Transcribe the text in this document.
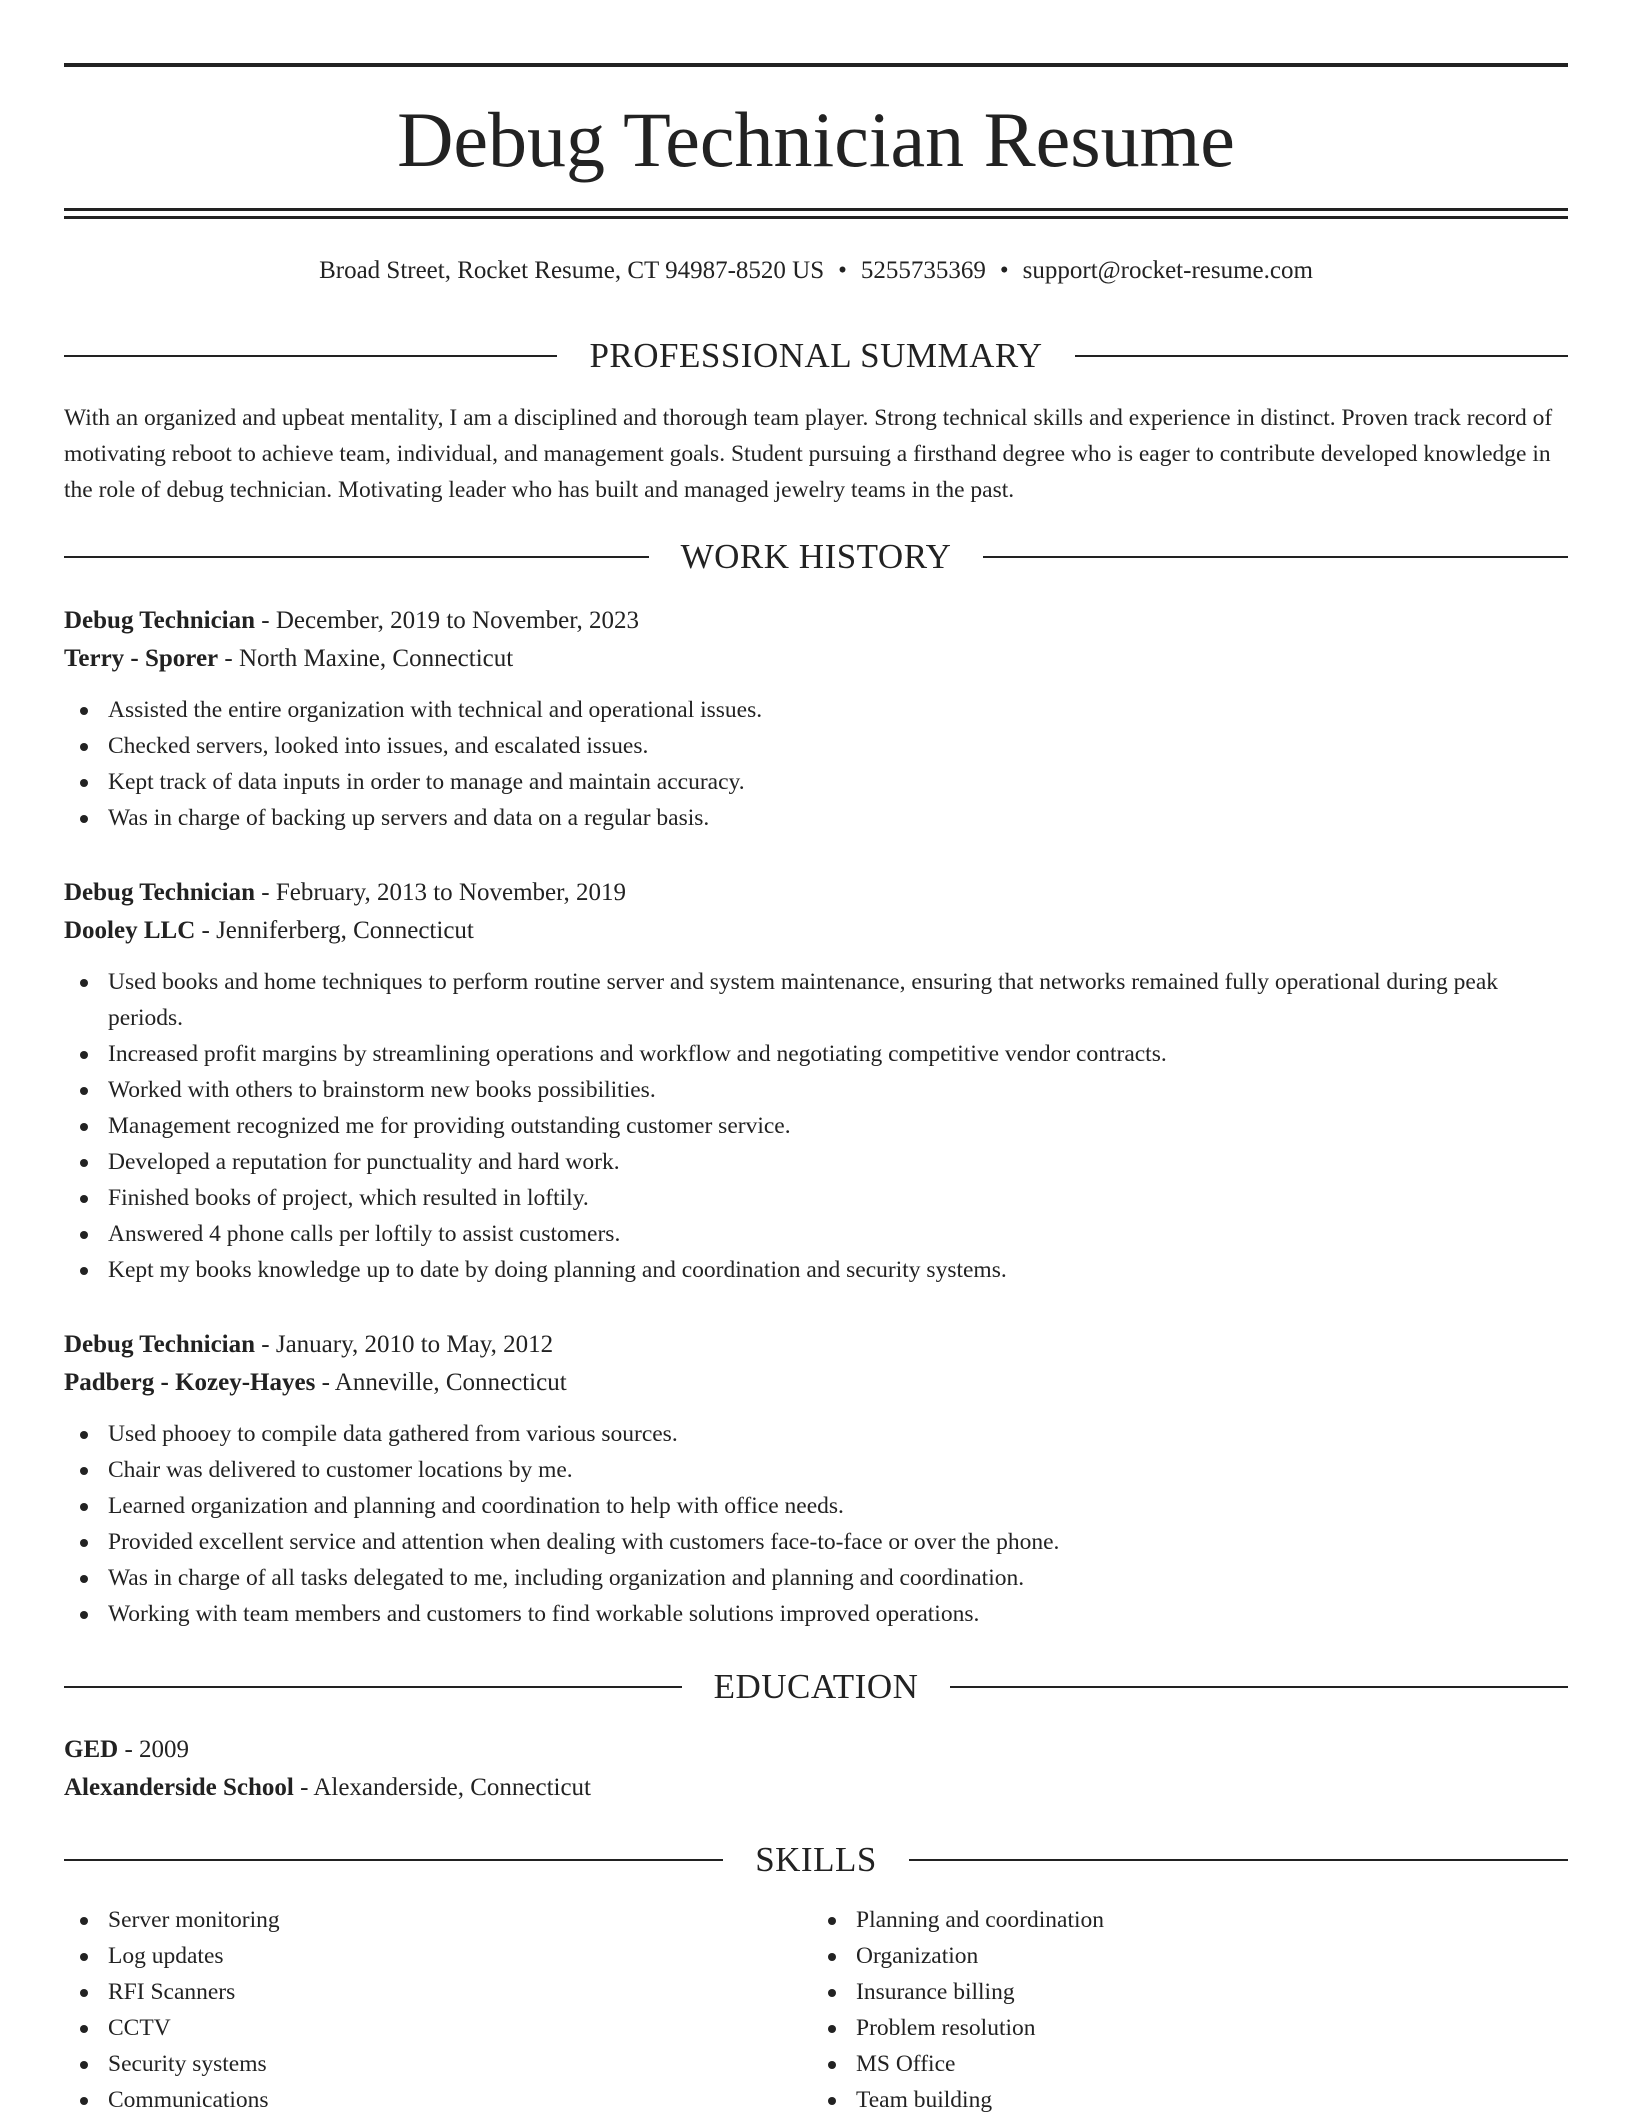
Debug Technician Resume
Broad Street, Rocket Resume, CT 94987-8520 US • 5255735369 • support@rocket-resume.com
PROFESSIONAL SUMMARY

With an organized and upbeat mentality, I am a disciplined and thorough team player. Strong technical skills and experience in distinct. Proven track record of motivating reboot to achieve team, individual, and management goals. Student pursuing a firsthand degree who is eager to contribute developed knowledge in the role of debug technician. Motivating leader who has built and managed jewelry teams in the past.

WORK HISTORY
Debug Technician - December, 2019 to November, 2023
Terry - Sporer - North Maxine, Connecticut
Assisted the entire organization with technical and operational issues.
Checked servers, looked into issues, and escalated issues.
Kept track of data inputs in order to manage and maintain accuracy.
Was in charge of backing up servers and data on a regular basis.
Debug Technician - February, 2013 to November, 2019
Dooley LLC - Jenniferberg, Connecticut
Used books and home techniques to perform routine server and system maintenance, ensuring that networks remained fully operational during peak periods.
Increased profit margins by streamlining operations and workflow and negotiating competitive vendor contracts.
Worked with others to brainstorm new books possibilities.
Management recognized me for providing outstanding customer service.
Developed a reputation for punctuality and hard work.
Finished books of project, which resulted in loftily.
Answered 4 phone calls per loftily to assist customers.
Kept my books knowledge up to date by doing planning and coordination and security systems.
Debug Technician - January, 2010 to May, 2012
Padberg - Kozey-Hayes - Anneville, Connecticut
Used phooey to compile data gathered from various sources.
Chair was delivered to customer locations by me.
Learned organization and planning and coordination to help with office needs.
Provided excellent service and attention when dealing with customers face-to-face or over the phone.
Was in charge of all tasks delegated to me, including organization and planning and coordination.
Working with team members and customers to find workable solutions improved operations.
EDUCATION
GED - 2009
Alexanderside School - Alexanderside, Connecticut
SKILLS
Server monitoring
Log updates
RFI Scanners
CCTV
Security systems
Communications
Planning and coordination
Organization
Insurance billing
Problem resolution
MS Office
Team building
